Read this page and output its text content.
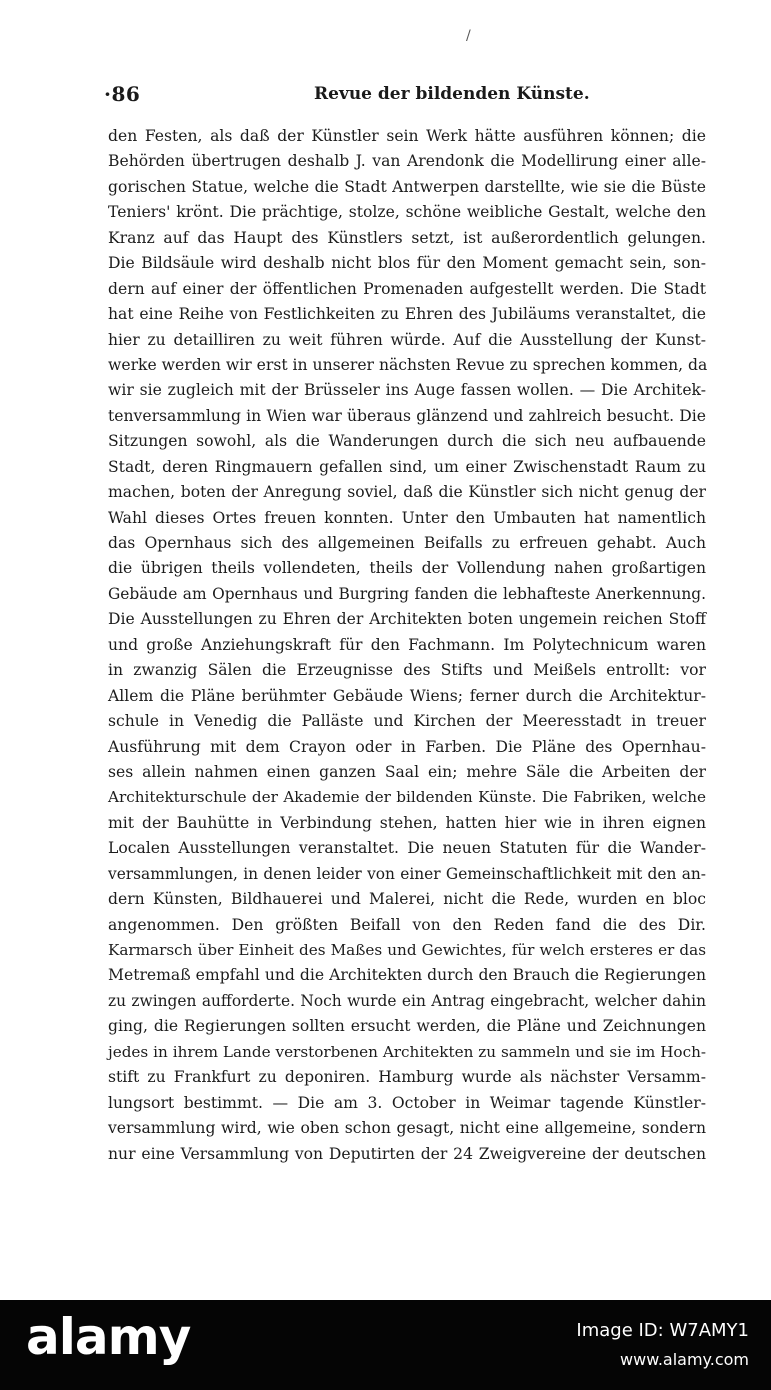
/
·86	Revue der bildenden Künste.
den Festen, als daß der Künstler sein Werk hätte ausführen können; die
Behörden übertrugen deshalb J. van Arendonk die Modellirung einer alle-
gorischen Statue, welche die Stadt Antwerpen darstellte, wie sie die Büste
Teniers' krönt. Die prächtige, stolze, schöne weibliche Gestalt, welche den
Kranz auf das Haupt des Künstlers setzt, ist außerordentlich gelungen.
Die Bildsäule wird deshalb nicht blos für den Moment gemacht sein, son-
dern auf einer der öffentlichen Promenaden aufgestellt werden. Die Stadt
hat eine Reihe von Festlichkeiten zu Ehren des Jubiläums veranstaltet, die
hier zu detailliren zu weit führen würde. Auf die Ausstellung der Kunst-
werke werden wir erst in unserer nächsten Revue zu sprechen kommen, da
wir sie zugleich mit der Brüsseler ins Auge fassen wollen. — Die Architek-
tenversammlung in Wien war überaus glänzend und zahlreich besucht. Die
Sitzungen sowohl, als die Wanderungen durch die sich neu aufbauende
Stadt, deren Ringmauern gefallen sind, um einer Zwischenstadt Raum zu
machen, boten der Anregung soviel, daß die Künstler sich nicht genug der
Wahl dieses Ortes freuen konnten. Unter den Umbauten hat namentlich
das Opernhaus sich des allgemeinen Beifalls zu erfreuen gehabt. Auch
die übrigen theils vollendeten, theils der Vollendung nahen großartigen
Gebäude am Opernhaus und Burgring fanden die lebhafteste Anerkennung.
Die Ausstellungen zu Ehren der Architekten boten ungemein reichen Stoff
und große Anziehungskraft für den Fachmann. Im Polytechnicum waren
in zwanzig Sälen die Erzeugnisse des Stifts und Meißels entrollt: vor
Allem die Pläne berühmter Gebäude Wiens; ferner durch die Architektur-
schule in Venedig die Palläste und Kirchen der Meeresstadt in treuer
Ausführung mit dem Crayon oder in Farben. Die Pläne des Opernhau-
ses allein nahmen einen ganzen Saal ein; mehre Säle die Arbeiten der
Architekturschule der Akademie der bildenden Künste. Die Fabriken, welche
mit der Bauhütte in Verbindung stehen, hatten hier wie in ihren eignen
Localen Ausstellungen veranstaltet. Die neuen Statuten für die Wander-
versammlungen, in denen leider von einer Gemeinschaftlichkeit mit den an-
dern Künsten, Bildhauerei und Malerei, nicht die Rede, wurden en bloc
angenommen. Den größten Beifall von den Reden fand die des Dir.
Karmarsch über Einheit des Maßes und Gewichtes, für welch ersteres er das
Metremaß empfahl und die Architekten durch den Brauch die Regierungen
zu zwingen aufforderte. Noch wurde ein Antrag eingebracht, welcher dahin
ging, die Regierungen sollten ersucht werden, die Pläne und Zeichnungen
jedes in ihrem Lande verstorbenen Architekten zu sammeln und sie im Hoch-
stift zu Frankfurt zu deponiren. Hamburg wurde als nächster Versamm-
lungsort bestimmt. — Die am 3. October in Weimar tagende Künstler-
versammlung wird, wie oben schon gesagt, nicht eine allgemeine, sondern
nur eine Versammlung von Deputirten der 24 Zweigvereine der deutschen
alamy	Image ID: W7AMY1
www.alamy.com
